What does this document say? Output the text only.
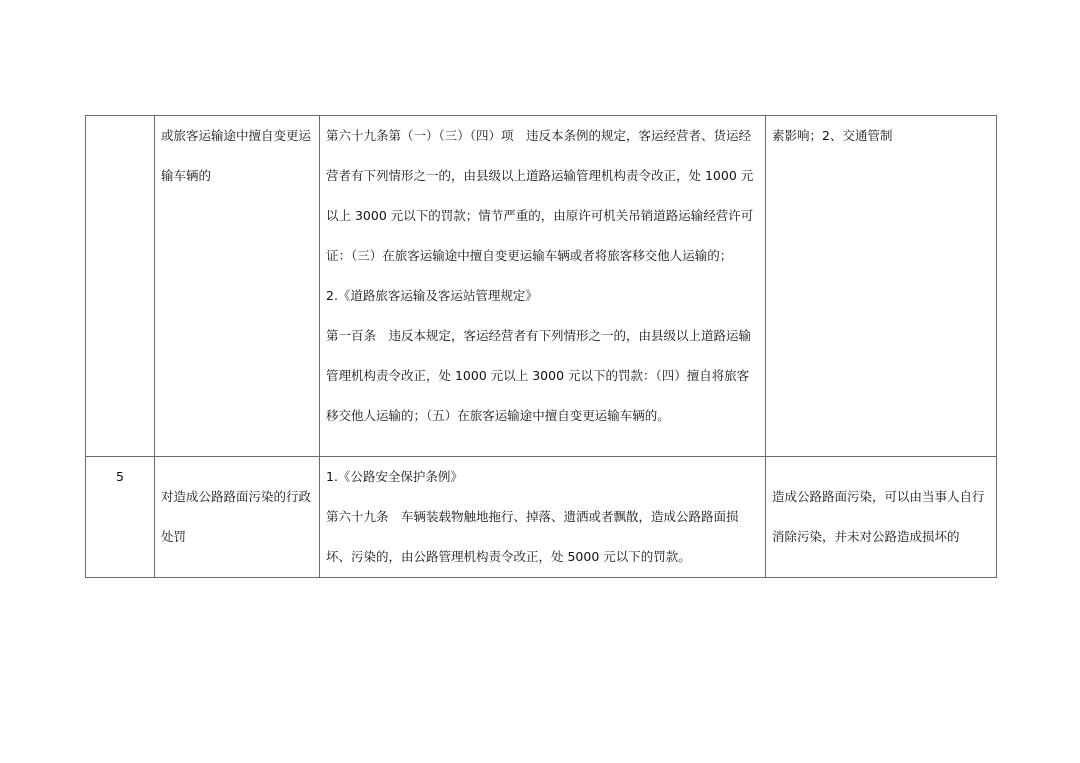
	或旅客运输途中擅自变更运输车辆的	第六十九条第（一）（三）（四）项　违反本条例的规定，客运经营者、货运经营者有下列情形之一的，由县级以上道路运输管理机构责令改正，处 1000 元以上 3000 元以下的罚款；情节严重的，由原许可机关吊销道路运输经营许可证：（三）在旅客运输途中擅自变更运输车辆或者将旅客移交他人运输的；
2.《道路旅客运输及客运站管理规定》
第一百条　违反本规定，客运经营者有下列情形之一的，由县级以上道路运输管理机构责令改正，处 1000 元以上 3000 元以下的罚款：（四）擅自将旅客移交他人运输的；（五）在旅客运输途中擅自变更运输车辆的。	素影响；2、交通管制
5	对造成公路路面污染的行政处罚	1.《公路安全保护条例》
第六十九条　车辆装载物触地拖行、掉落、遗洒或者飘散，造成公路路面损坏、污染的，由公路管理机构责令改正，处 5000 元以下的罚款。	造成公路路面污染，可以由当事人自行消除污染，并未对公路造成损坏的
